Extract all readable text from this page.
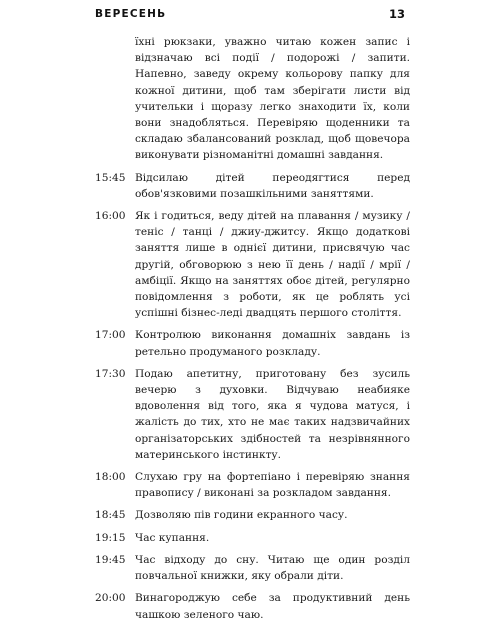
ВЕРЕСЕНЬ	13

їхні рюкзаки, уважно читаю кожен запис і відзначаю всі події / подорожі / запити. Напевно, заведу окрему кольорову папку для кожної дитини, щоб там зберігати листи від учительки і щоразу легко знаходити їх, коли вони знадобляться. Перевіряю щоденники та складаю збалансований розклад, щоб щовечора виконувати різноманітні домашні завдання.

15:45 Відсилаю дітей переодягтися перед обов'язковими позашкільними заняттями.
16:00 Як і годиться, веду дітей на плавання / музику / теніс / танці / джиу-джитсу. Якщо додаткові заняття лише в однієї дитини, присвячую час другій, обговорюю з нею її день / надії / мрії / амбіції. Якщо на заняттях обоє дітей, регулярно повідомлення з роботи, як це роблять усі успішні бізнес-леді двадцять першого століття.
17:00 Контролюю виконання домашніх завдань із ретельно продуманого розкладу.
17:30 Подаю апетитну, приготовану без зусиль вечерю з духовки. Відчуваю неабияке вдоволення від того, яка я чудова матуся, і жалість до тих, хто не має таких надзвичайних організаторських здібностей та незрівнянного материнського інстинкту.
18:00 Слухаю гру на фортепіано і перевіряю знання правопису / виконані за розкладом завдання.
18:45 Дозволяю пів години екранного часу.
19:15 Час купання.
19:45 Час відходу до сну. Читаю ще один розділ повчальної книжки, яку обрали діти.
20:00 Винагороджую себе за продуктивний день чашкою зеленого чаю.
